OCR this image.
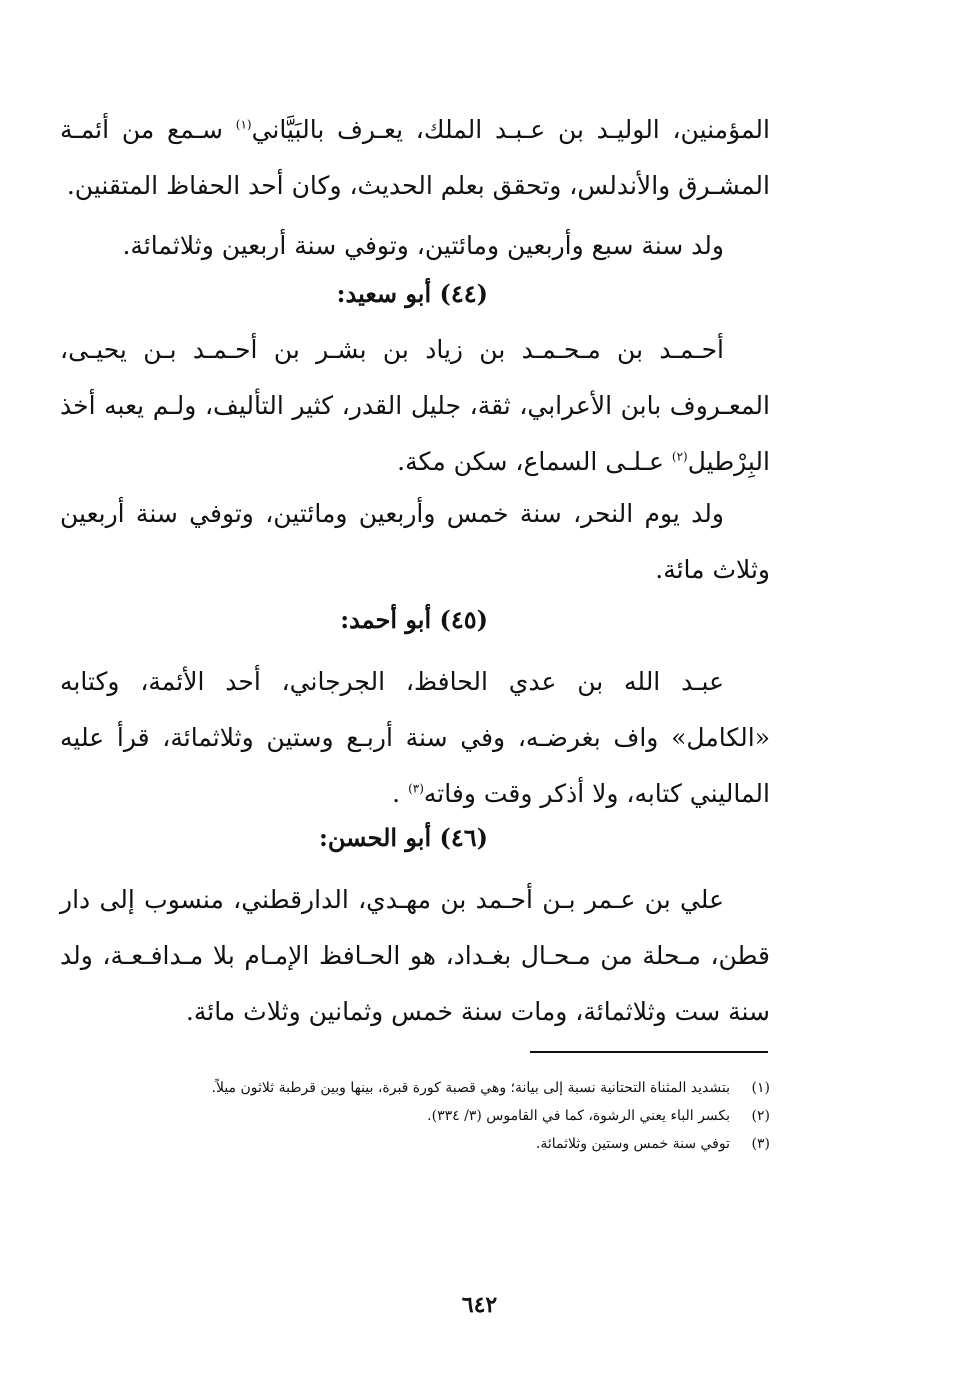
المؤمنين، الوليـد بن عـبـد الملك، يعـرف بالبَيَّاني$^{(١)}$ سـمع من أئمـة المشـرق والأندلس، وتحقق بعلم الحديث، وكان أحد الحفاظ المتقنين.

ولد سنة سبع وأربعين ومائتين، وتوفي سنة أربعين وثلاثمائة.

(٤٤) أبو سعيد:

أحـمـد بن مـحـمـد بن زياد بن بشـر بن أحـمـد بـن يحيـى، المعـروف بابن الأعرابي، ثقة، جليل القدر، كثير التأليف، ولـم يعبه أخذ البِرْطيل$^{(٢)}$ عـلـى السماع، سكن مكة.

ولد يوم النحر، سنة خمس وأربعين ومائتين، وتوفي سنة أربعين وثلاث مائة.

(٤٥) أبو أحمد:

عبـد الله بن عدي الحافظ، الجرجاني، أحد الأئمة، وكتابه «الكامل» واف بغرضـه، وفي سنة أربـع وستين وثلاثمائة، قرأ عليه الماليني كتابه، ولا أذكر وقت وفاته$^{(٣)}$ .

(٤٦) أبو الحسن:

علي بن عـمر بـن أحـمد بن مهـدي، الدارقطني، منسوب إلى دار قطن، مـحلة من مـحـال بغـداد، هو الحـافظ الإمـام بلا مـدافـعـة، ولد سنة ست وثلاثمائة، ومات سنة خمس وثمانين وثلاث مائة.

(١)بتشديد المثناة التحتانية نسبة إلى بيانة؛ وهي قصبة كورة قبرة، بينها وبين قرطبة ثلاثون ميلاً.

(٢)بكسر الباء يعني الرشوة، كما في القاموس (٣/ ٣٣٤).

(٣)توفي سنة خمس وستين وثلاثمائة.

٦٤٢
